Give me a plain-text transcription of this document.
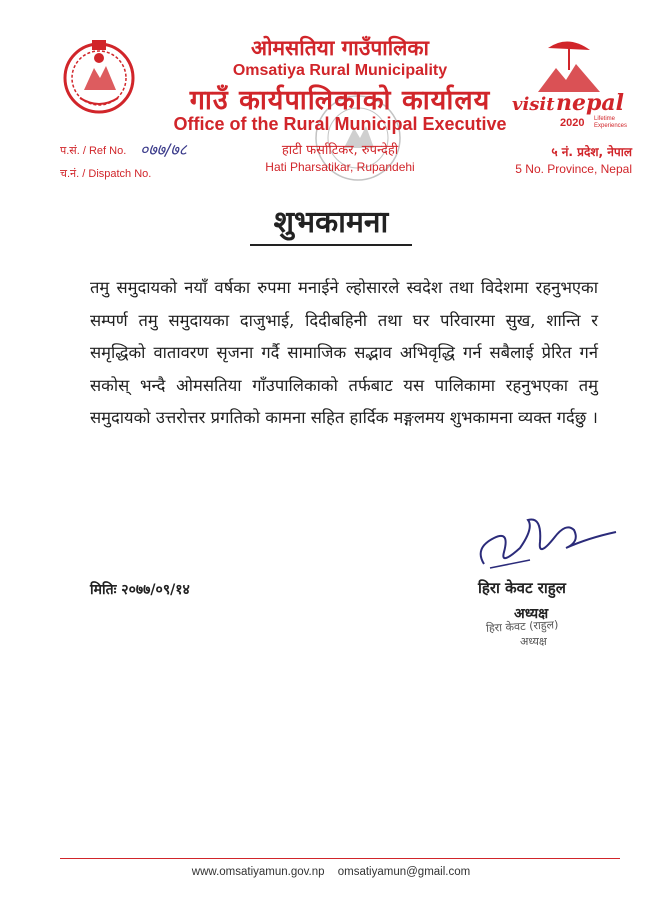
visit nepal
2020 Lifetime
Experiences
ओमसतिया गाउँपालिका
Omsatiya Rural Municipality
गाउँ कार्यपालिकाको कार्यालय
Office of the Rural Municipal Executive
हाटी फर्साटिकर, रुपन्देही
Hati Pharsatikar, Rupandehi
प.सं. / Ref No. ०७७/७८
च.नं. / Dispatch No.
५ नं. प्रदेश, नेपाल
5 No. Province, Nepal
शुभकामना
तमु समुदायको नयाँ वर्षका रुपमा मनाईने ल्होसारले स्वदेश तथा विदेशमा रहनुभएका सम्पर्ण तमु समुदायका दाजुभाई, दिदीबहिनी तथा घर परिवारमा सुख, शान्ति र समृद्धिको वातावरण सृजना गर्दै सामाजिक सद्भाव अभिवृद्धि गर्न सबैलाई प्रेरित गर्न सकोस् भन्दै ओमसतिया गाँउपालिकाको तर्फबाट यस पालिकामा रहनुभएका तमु समुदायको उत्तरोत्तर प्रगतिको कामना सहित हार्दिक मङ्गलमय शुभकामना व्यक्त गर्दछु ।
मितिः २०७७/०९/१४	हिरा केवट राहुल
अध्यक्ष
हिरा केवट (राहुल)
अध्यक्ष
www.omsatiyamun.gov.np omsatiyamun@gmail.com
